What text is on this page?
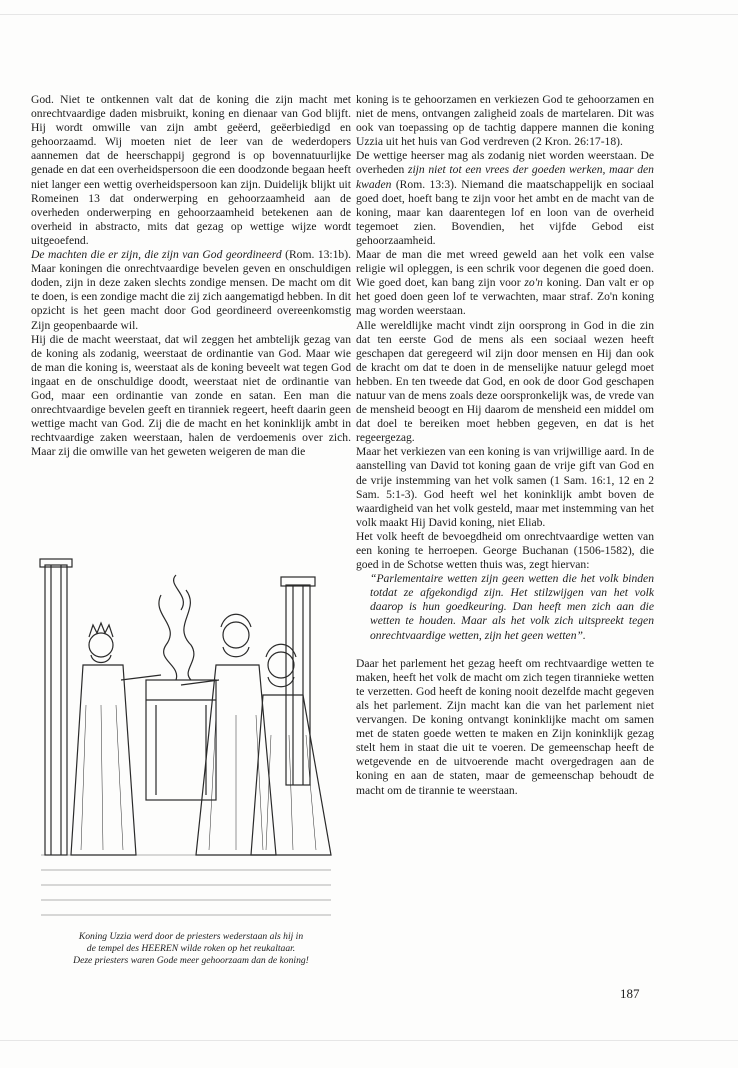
God. Niet te ontkennen valt dat de koning die zijn macht met onrechtvaardige daden misbruikt, koning en dienaar van God blijft. Hij wordt omwille van zijn ambt geëerd, geëerbiedigd en gehoorzaamd. Wij moeten niet de leer van de wederdopers aannemen dat de heerschappij gegrond is op bovennatuurlijke genade en dat een overheidspersoon die een doodzonde begaan heeft niet langer een wettig overheidspersoon kan zijn. Duidelijk blijkt uit Romeinen 13 dat onderwerping en gehoorzaamheid aan de overheden onderwerping en gehoorzaamheid betekenen aan de overheid in abstracto, mits dat gezag op wettige wijze wordt uitgeoefend.

De machten die er zijn, die zijn van God geordineerd (Rom. 13:1b). Maar koningen die onrechtvaardige bevelen geven en onschuldigen doden, zijn in deze zaken slechts zondige mensen. De macht om dit te doen, is een zondige macht die zij zich aangematigd hebben. In dit opzicht is het geen macht door God geordineerd overeenkomstig Zijn geopenbaarde wil.

Hij die de macht weerstaat, dat wil zeggen het ambtelijk gezag van de koning als zodanig, weerstaat de ordinantie van God. Maar wie de man die koning is, weerstaat als de koning beveelt wat tegen God ingaat en de onschuldige doodt, weerstaat niet de ordinantie van God, maar een ordinantie van zonde en satan. Een man die onrechtvaardige bevelen geeft en tiranniek regeert, heeft daarin geen wettige macht van God. Zij die de macht en het koninklijk ambt in rechtvaardige zaken weerstaan, halen de verdoemenis over zich. Maar zij die omwille van het geweten weigeren de man die

Koning Uzzia werd door de priesters wederstaan als hij in
de tempel des HEEREN wilde roken op het reukaltaar.
Deze priesters waren Gode meer gehoorzaam dan de koning!

koning is te gehoorzamen en verkiezen God te gehoorzamen en niet de mens, ontvangen zaligheid zoals de martelaren. Dit was ook van toepassing op de tachtig dappere mannen die koning Uzzia uit het huis van God verdreven (2 Kron. 26:17-18).

De wettige heerser mag als zodanig niet worden weerstaan. De overheden zijn niet tot een vrees der goeden werken, maar den kwaden (Rom. 13:3). Niemand die maatschappelijk en sociaal goed doet, hoeft bang te zijn voor het ambt en de macht van de koning, maar kan daarentegen lof en loon van de overheid tegemoet zien. Bovendien, het vijfde Gebod eist gehoorzaamheid.

Maar de man die met wreed geweld aan het volk een valse religie wil opleggen, is een schrik voor degenen die goed doen. Wie goed doet, kan bang zijn voor zo'n koning. Dan valt er op het goed doen geen lof te verwachten, maar straf. Zo'n koning mag worden weerstaan.

Alle wereldlijke macht vindt zijn oorsprong in God in die zin dat ten eerste God de mens als een sociaal wezen heeft geschapen dat geregeerd wil zijn door mensen en Hij dan ook de kracht om dat te doen in de menselijke natuur gelegd moet hebben. En ten tweede dat God, en ook de door God geschapen natuur van de mens zoals deze oorspronkelijk was, de vrede van de mensheid beoogt en Hij daarom de mensheid een middel om dat doel te bereiken moet hebben gegeven, en dat is het regeergezag.

Maar het verkiezen van een koning is van vrijwillige aard. In de aanstelling van David tot koning gaan de vrije gift van God en de vrije instemming van het volk samen (1 Sam. 16:1, 12 en 2 Sam. 5:1-3). God heeft wel het koninklijk ambt boven de waardigheid van het volk gesteld, maar met instemming van het volk maakt Hij David koning, niet Eliab.

Het volk heeft de bevoegdheid om onrechtvaardige wetten van een koning te herroepen. George Buchanan (1506-1582), die goed in de Schotse wetten thuis was, zegt hiervan:

“Parlementaire wetten zijn geen wetten die het volk binden totdat ze afgekondigd zijn. Het stilzwijgen van het volk daarop is hun goedkeuring. Dan heeft men zich aan die wetten te houden. Maar als het volk zich uitspreekt tegen onrechtvaardige wetten, zijn het geen wetten”.

Daar het parlement het gezag heeft om rechtvaardige wetten te maken, heeft het volk de macht om zich tegen tirannieke wetten te verzetten. God heeft de koning nooit dezelfde macht gegeven als het parlement. Zijn macht kan die van het parlement niet vervangen. De koning ontvangt koninklijke macht om samen met de staten goede wetten te maken en Zijn koninklijk gezag stelt hem in staat die uit te voeren. De gemeenschap heeft de wetgevende en de uitvoerende macht overgedragen aan de koning en aan de staten, maar de gemeenschap behoudt de macht om de tirannie te weerstaan.

187
